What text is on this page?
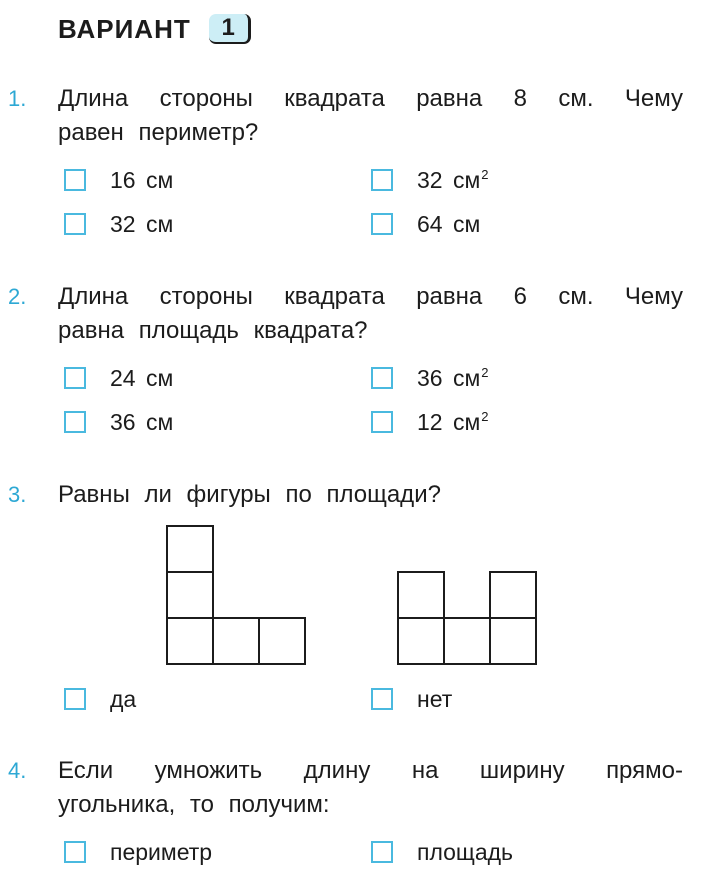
ВАРИАНТ	1
1. Длина стороны квадрата равна 8 см. Чему
равен периметр?
16 см	32 $см^2$
32 см	64 см
2. Длина стороны квадрата равна 6 см. Чему
равна площадь квадрата?
24 см	36 $см^2$
36 см	12 $см^2$
3. Равны ли фигуры по площади?
да	нет
4. Если умножить длину на ширину прямо-
угольника, то получим:
периметр	площадь
